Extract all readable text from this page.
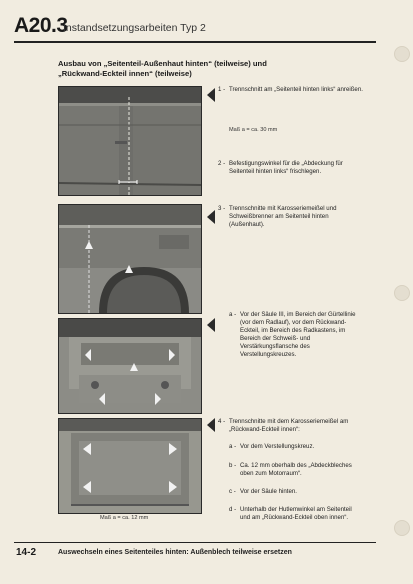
A20.3
Instandsetzungsarbeiten Typ 2
Ausbau von „Seitenteil-Außenhaut hinten“ (teilweise) und
„Rückwand-Eckteil innen“ (teilweise)
Maß a = ca. 12 mm
1 - Trennschnitt am „Seitenteil hinten links“ anreißen.
Maß a = ca. 30 mm
2 - Befestigungswinkel für die „Abdeckung für Seitenteil hinten links“ frischlegen.
3 - Trennschnitte mit Karosseriemeißel und Schweißbrenner am Seitenteil hinten (Außenhaut).
a - Vor der Säule III, im Bereich der Gürtellinie (vor dem Radlauf), vor dem Rückwand-Eckteil, im Bereich des Radkastens, im Bereich der Schweiß- und Verstärkungsflansche des Verstellungskreuzes.
4 - Trennschnitte mit dem Karosseriemeißel am „Rückwand-Eckteil innen“:
a - Vor dem Verstellungskreuz.
b - Ca. 12 mm oberhalb des „Abdeckbleches oben zum Motorraum“.
c - Vor der Säule hinten.
d - Unterhalb der Hutlemwinkel am Seitenteil und am „Rückwand-Eckteil oben innen“.
14-2	Auswechseln eines Seitenteiles hinten: Außenblech teilweise ersetzen
